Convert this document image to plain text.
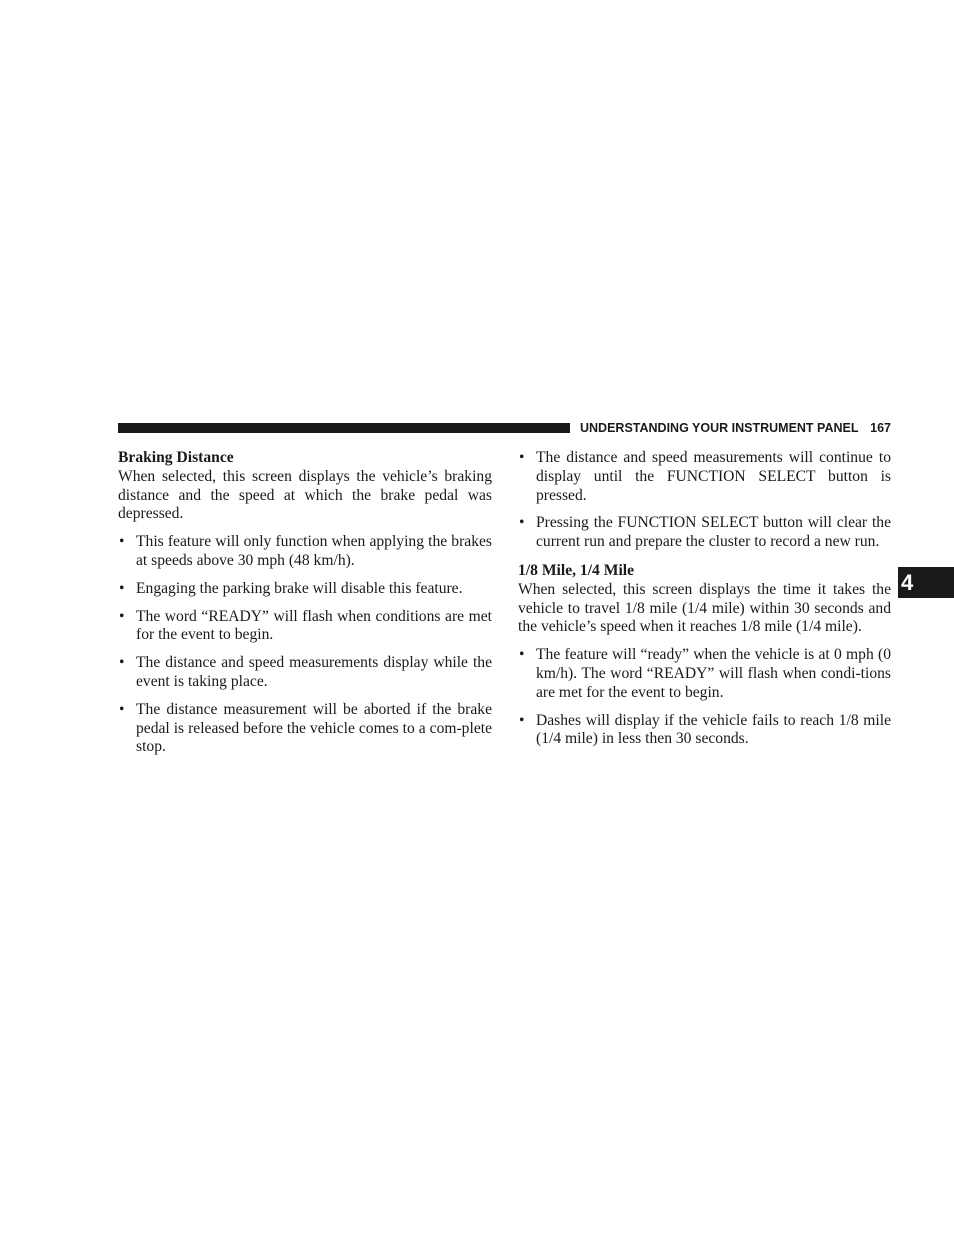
UNDERSTANDING YOUR INSTRUMENT PANEL 167
4
Braking Distance

When selected, this screen displays the vehicle’s braking distance and the speed at which the brake pedal was depressed.

• This feature will only function when applying the brakes at speeds above 30 mph (48 km/h).
• Engaging the parking brake will disable this feature.
• The word “READY” will flash when conditions are met for the event to begin.
• The distance and speed measurements display while the event is taking place.
• The distance measurement will be aborted if the brake pedal is released before the vehicle comes to a com-plete stop.
• The distance and speed measurements will continue to display until the FUNCTION SELECT button is pressed.
• Pressing the FUNCTION SELECT button will clear the current run and prepare the cluster to record a new run.
1/8 Mile, 1/4 Mile

When selected, this screen displays the time it takes the vehicle to travel 1/8 mile (1/4 mile) within 30 seconds and the vehicle’s speed when it reaches 1/8 mile (1/4 mile).

• The feature will “ready” when the vehicle is at 0 mph (0 km/h). The word “READY” will flash when condi-tions are met for the event to begin.
• Dashes will display if the vehicle fails to reach 1/8 mile (1/4 mile) in less then 30 seconds.
